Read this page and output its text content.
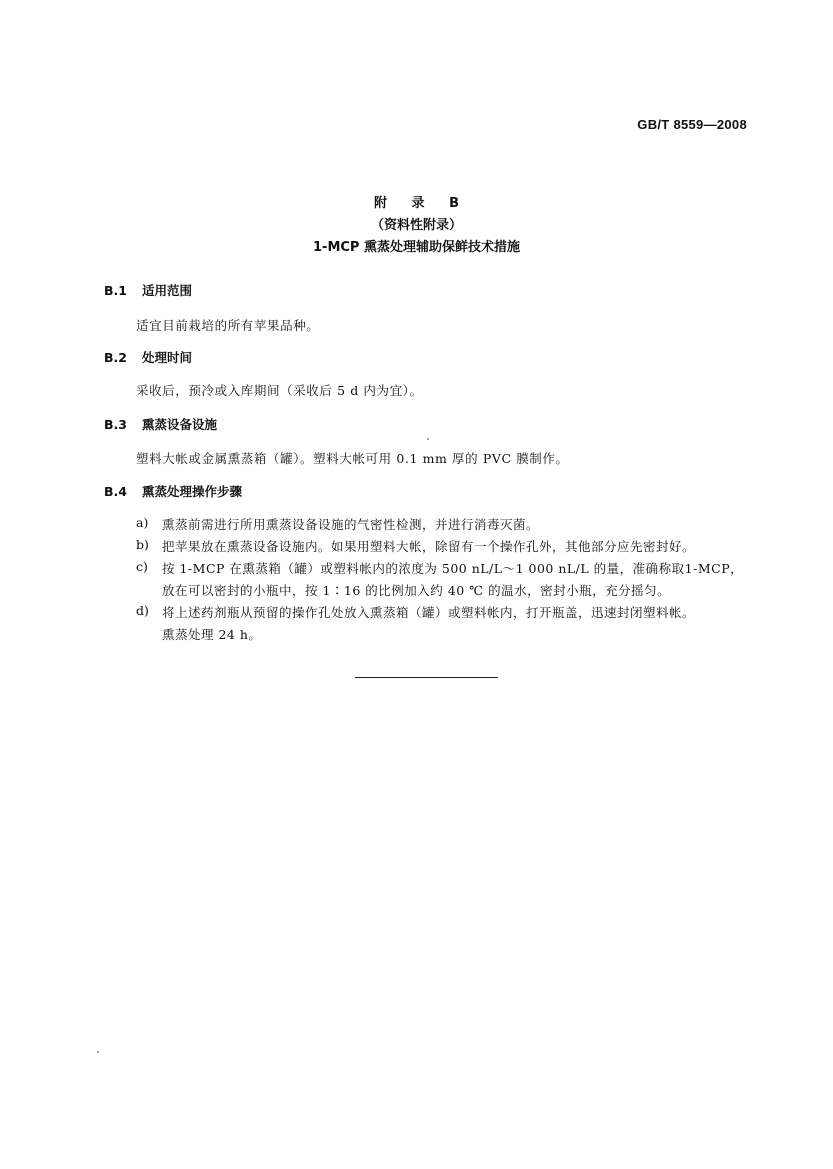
GB/T 8559—2008
附 录 B
（资料性附录）
1-MCP 熏蒸处理辅助保鲜技术措施
B.1 适用范围
适宜目前栽培的所有苹果品种。
B.2 处理时间
采收后，预冷或入库期间（采收后 5 d 内为宜）。
B.3 熏蒸设备设施
塑料大帐或金属熏蒸箱（罐）。塑料大帐可用 0.1 mm 厚的 PVC 膜制作。
B.4 熏蒸处理操作步骤
a) 熏蒸前需进行所用熏蒸设备设施的气密性检测，并进行消毒灭菌。
b) 把苹果放在熏蒸设备设施内。如果用塑料大帐，除留有一个操作孔外，其他部分应先密封好。
c) 按 1-MCP 在熏蒸箱（罐）或塑料帐内的浓度为 500 nL/L～1 000 nL/L 的量，准确称取1-MCP，
放在可以密封的小瓶中，按 1∶16 的比例加入约 40 ℃ 的温水，密封小瓶，充分摇匀。
d) 将上述药剂瓶从预留的操作孔处放入熏蒸箱（罐）或塑料帐内，打开瓶盖，迅速封闭塑料帐。
熏蒸处理 24 h。
